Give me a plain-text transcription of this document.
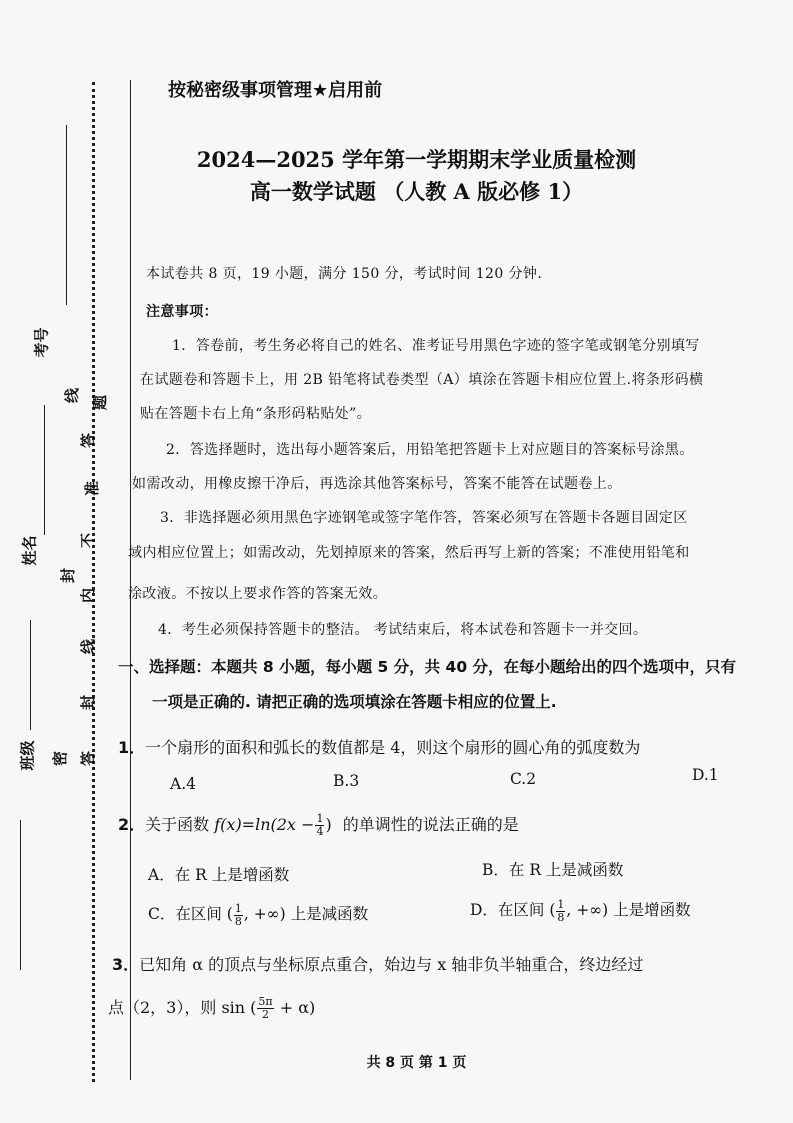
考号
姓名
班级
线
答
不
封
内
线
封
密
题
准
答
按秘密级事项管理★启用前
2024—2025 学年第一学期期末学业质量检测
高一数学试题 （人教 A 版必修 1）
本试卷共 8 页，19 小题，满分 150 分，考试时间 120 分钟.
注意事项：
1．答卷前，考生务必将自己的姓名、准考证号用黑色字迹的签字笔或钢笔分别填写
在试题卷和答题卡上，用 2B 铅笔将试卷类型（A）填涂在答题卡相应位置上.将条形码横
贴在答题卡右上角“条形码粘贴处”。
2．答选择题时，选出每小题答案后，用铅笔把答题卡上对应题目的答案标号涂黑。
如需改动，用橡皮擦干净后，再选涂其他答案标号，答案不能答在试题卷上。
3．非选择题必须用黑色字迹钢笔或签字笔作答，答案必须写在答题卡各题目固定区
域内相应位置上；如需改动，先划掉原来的答案，然后再写上新的答案；不准使用铅笔和
涂改液。不按以上要求作答的答案无效。
4．考生必须保持答题卡的整洁。 考试结束后，将本试卷和答题卡一并交回。
一、选择题：本题共 8 小题，每小题 5 分，共 40 分，在每小题给出的四个选项中，只有
一项是正确的. 请把正确的选项填涂在答题卡相应的位置上.
1．一个扇形的面积和弧长的数值都是 4，则这个扇形的圆心角的弧度数为
A.4	B.3	C.2	D.1
2．关于函数 $f(x)=\ln(2x - \frac{1}{4}$ ) 的单调性的说法正确的是
A．在 R 上是增函数	B．在 R 上是减函数
C．在区间 ( $\frac{1}{8}$ , +∞) 上是减函数	D．在区间 ( $\frac{1}{8}$ , +∞) 上是增函数
3．已知角 α 的顶点与坐标原点重合，始边与 x 轴非负半轴重合，终边经过
点（2，3），则 sin ( $\frac{5\pi}{2} + \alpha$)
共 8 页 第 1 页
